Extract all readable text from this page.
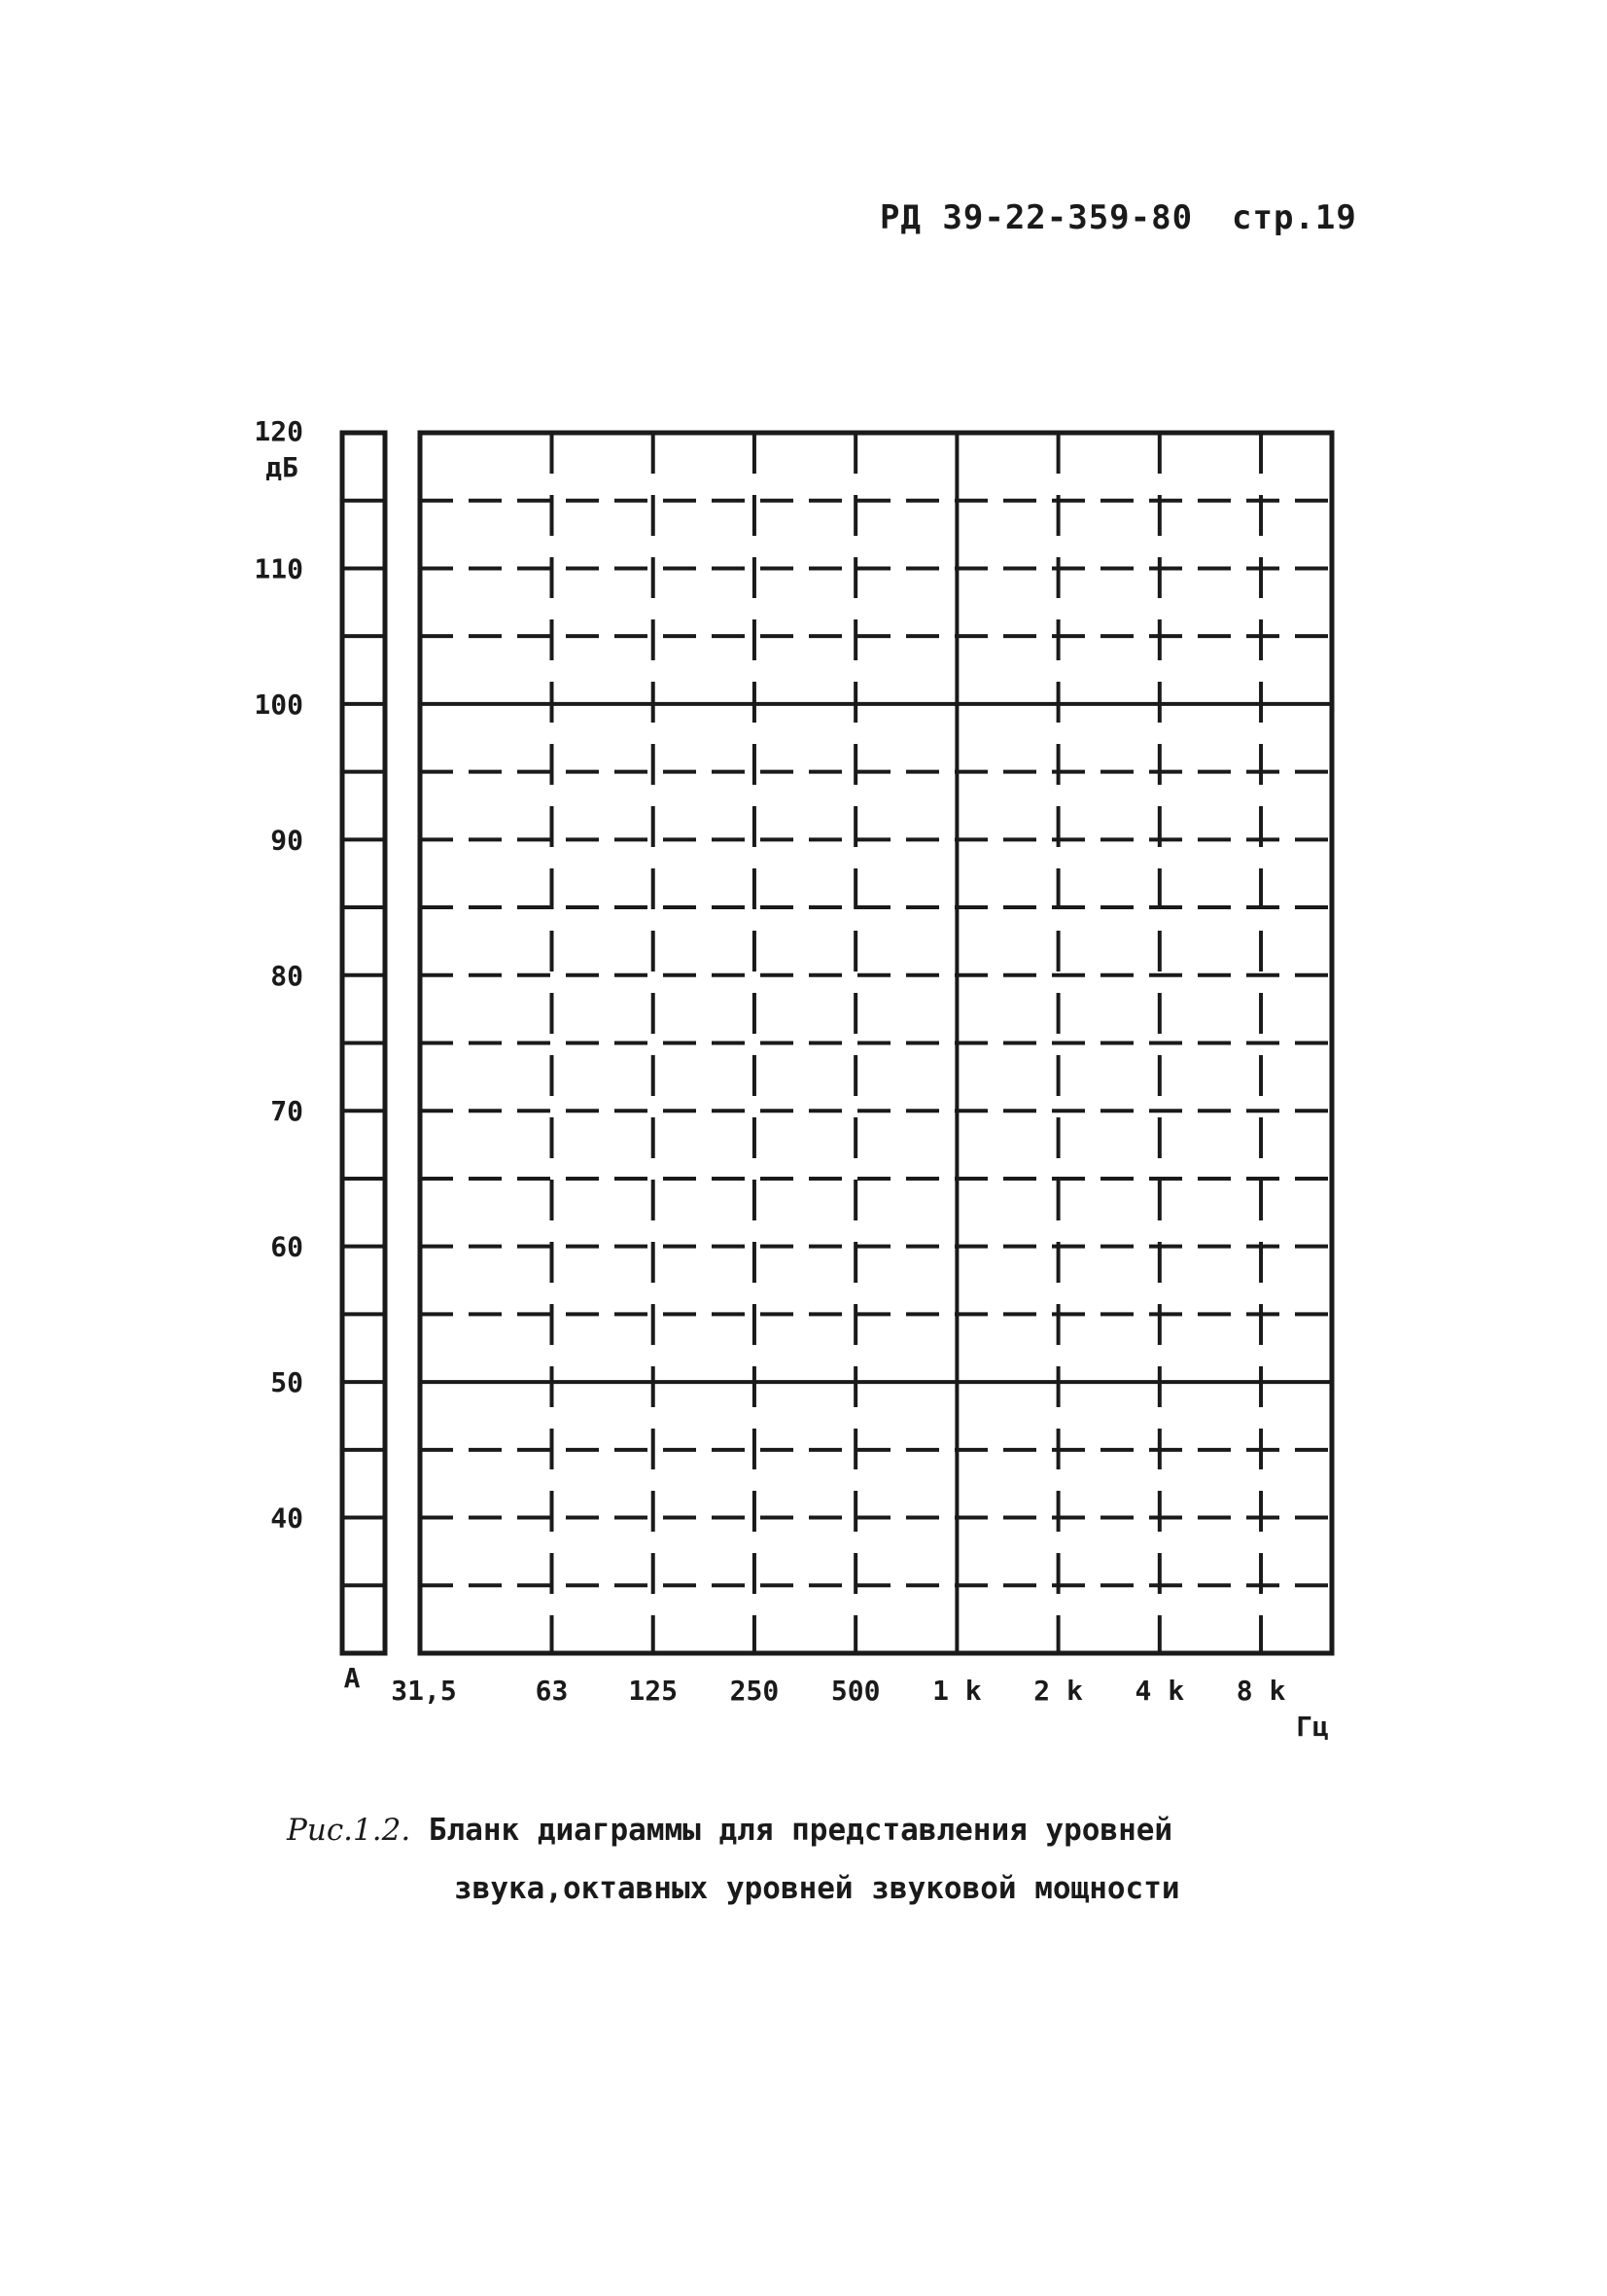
РД 39-22-359-80 стр.19
120
110
100
90
80
70
60
50
40
дБ
A 31,5	63 125 250 500 1 k 2 k 4 k 8 k
Гц
Рис.1.2. Бланк диаграммы для представления уровней
звука,октавных уровней звуковой мощности
